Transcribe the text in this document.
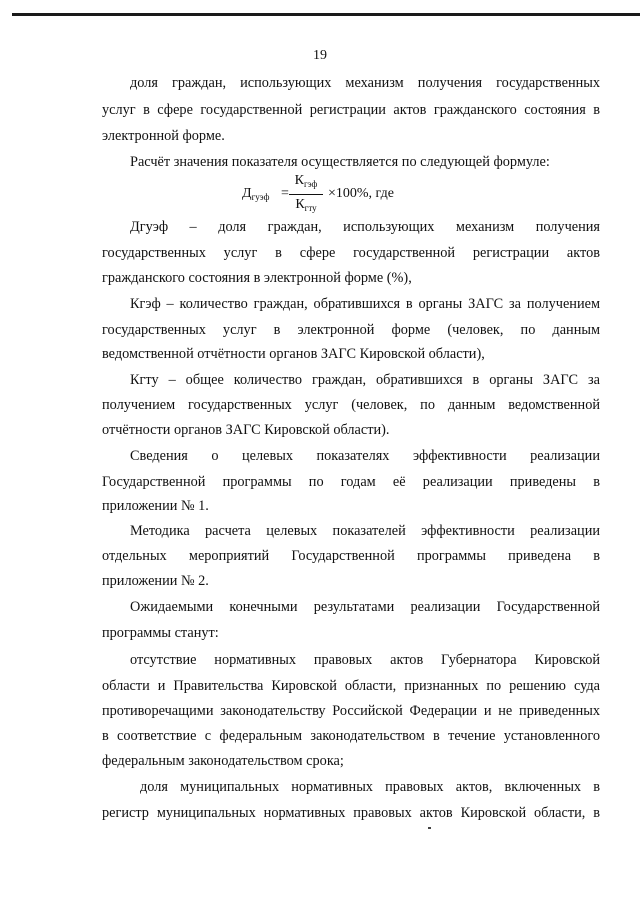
19
доля граждан, использующих механизм получения государственных
услуг в сфере государственной регистрации актов гражданского состояния в
электронной форме.
Расчёт значения показателя осуществляется по следующей формуле:
$Д_{гуэф}$ =
$К_{гэф}$
$К_{гту}$
×100%, где
Дгуэф – доля граждан, использующих механизм получения
государственных услуг в сфере государственной регистрации актов
гражданского состояния в электронной форме (%),
Кгэф – количество граждан, обратившихся в органы ЗАГС за получением
государственных услуг в электронной форме (человек, по данным
ведомственной отчётности органов ЗАГС Кировской области),
Кгту – общее количество граждан, обратившихся в органы ЗАГС за
получением государственных услуг (человек, по данным ведомственной
отчётности органов ЗАГС Кировской области).
Сведения о целевых показателях эффективности реализации
Государственной программы по годам её реализации приведены в
приложении № 1.
Методика расчета целевых показателей эффективности реализации
отдельных мероприятий Государственной программы приведена в
приложении № 2.
Ожидаемыми конечными результатами реализации Государственной
программы станут:
отсутствие нормативных правовых актов Губернатора Кировской
области и Правительства Кировской области, признанных по решению суда
противоречащими законодательству Российской Федерации и не приведенных
в соответствие с федеральным законодательством в течение установленного
федеральным законодательством срока;
доля муниципальных нормативных правовых актов, включенных в
регистр муниципальных нормативных правовых актов Кировской области, в
